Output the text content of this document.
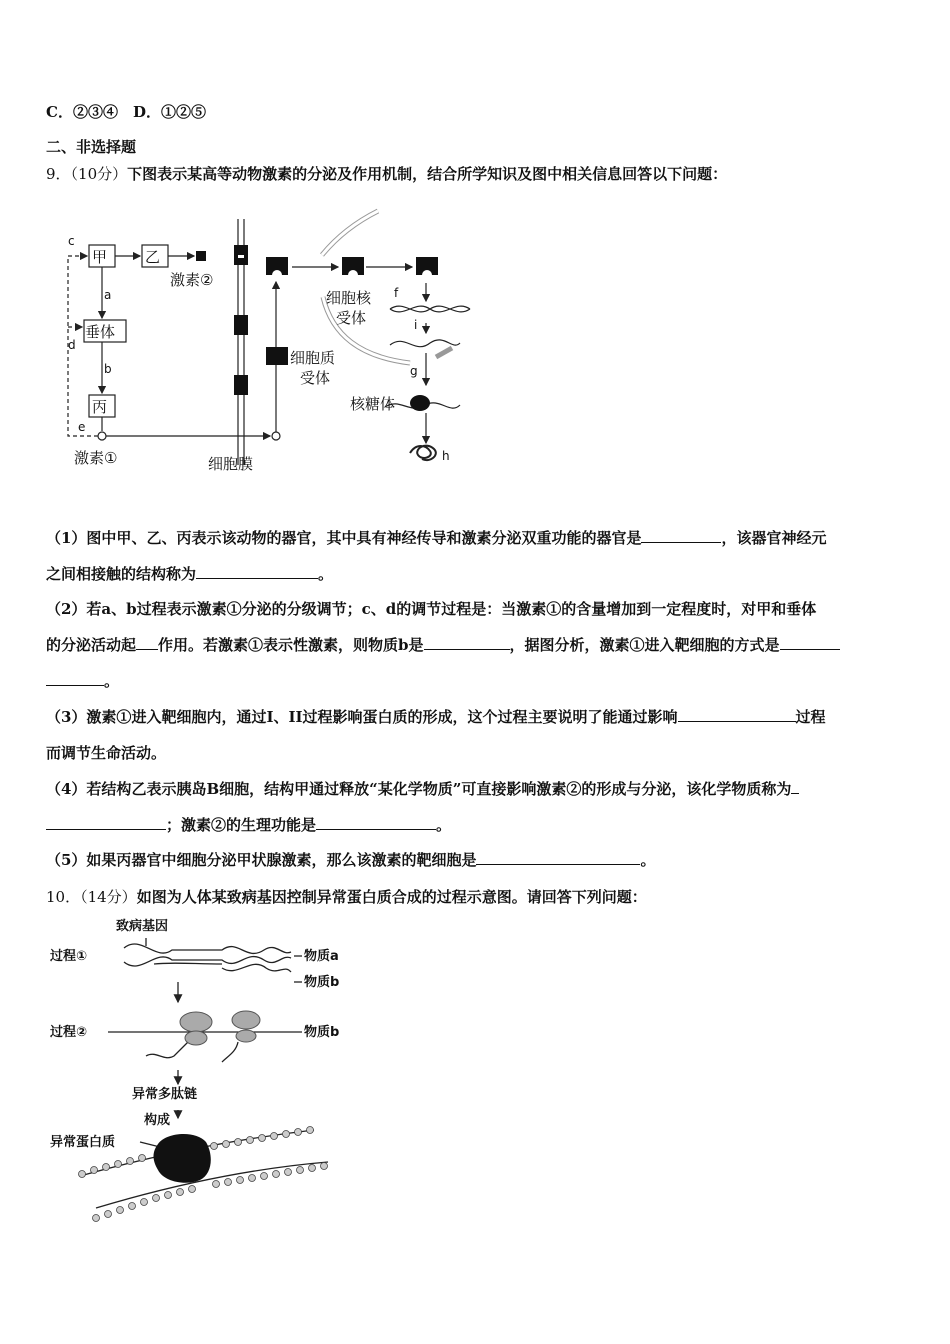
C．②③④　D．①②⑤
二、非选择题
9．（10分）下图表示某高等动物激素的分泌及作用机制，结合所学知识及图中相关信息回答以下问题：
甲	乙
垂体
丙
激素②
激素①	细胞膜
细胞质
受体
细胞核
受体
核糖体
c
a
d
b
e
f
g
h
i
（1）图中甲、乙、丙表示该动物的器官，其中具有神经传导和激素分泌双重功能的器官是	，该器官神经元
之间相接触的结构称为	。
（2）若a、b过程表示激素①分泌的分级调节；c、d的调节过程是：当激素①的含量增加到一定程度时，对甲和垂体
的分泌活动起 作用。若激素①表示性激素，则物质b是	，据图分析，激素①进入靶细胞的方式是
。
（3）激素①进入靶细胞内，通过I、II过程影响蛋白质的形成，这个过程主要说明了能通过影响	过程
而调节生命活动。
（4）若结构乙表示胰岛B细胞，结构甲通过释放“某化学物质”可直接影响激素②的形成与分泌，该化学物质称为
；激素②的生理功能是	。
（5）如果丙器官中细胞分泌甲状腺激素，那么该激素的靶细胞是	。
10．（14分）如图为人体某致病基因控制异常蛋白质合成的过程示意图。请回答下列问题：
致病基因
过程①
过程②
物质a
物质b
物质b
异常多肽链
构成
异常蛋白质
